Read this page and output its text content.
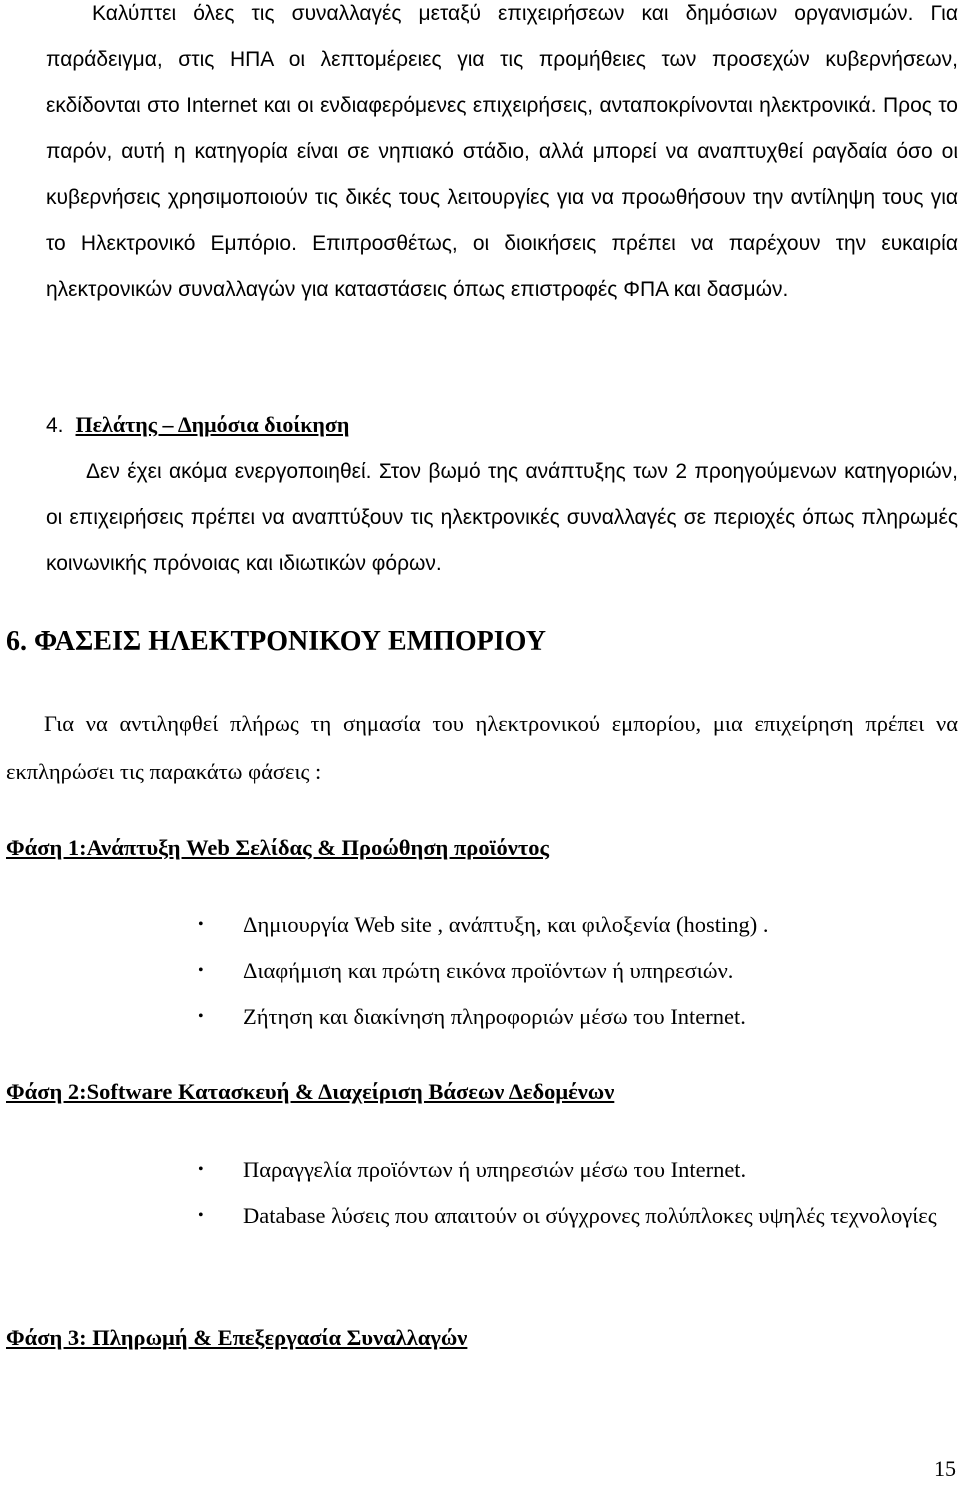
Καλύπτει όλες τις συναλλαγές μεταξύ επιχειρήσεων και δημόσιων οργανισμών. Για παράδειγμα, στις ΗΠΑ οι λεπτομέρειες για τις προμήθειες των προσεχών κυβερνήσεων, εκδίδονται στο Internet και οι ενδιαφερόμενες επιχειρήσεις, ανταποκρίνονται ηλεκτρονικά. Προς το παρόν, αυτή η κατηγορία είναι σε νηπιακό στάδιο, αλλά μπορεί να αναπτυχθεί ραγδαία όσο οι κυβερνήσεις χρησιμοποιούν τις δικές τους λειτουργίες για να προωθήσουν την αντίληψη τους για το Ηλεκτρονικό Εμπόριο. Επιπροσθέτως, οι διοικήσεις πρέπει να παρέχουν την ευκαιρία ηλεκτρονικών συναλλαγών για καταστάσεις όπως επιστροφές ΦΠΑ και δασμών.

4. Πελάτης – Δημόσια διοίκηση

Δεν έχει ακόμα ενεργοποιηθεί. Στον βωμό της ανάπτυξης των 2 προηγούμενων κατηγοριών, οι επιχειρήσεις πρέπει να αναπτύξουν τις ηλεκτρονικές συναλλαγές σε περιοχές όπως πληρωμές κοινωνικής πρόνοιας και ιδιωτικών φόρων.

6. ΦΑΣΕΙΣ ΗΛΕΚΤΡΟΝΙΚΟΥ ΕΜΠΟΡΙΟΥ

Για να αντιληφθεί πλήρως τη σημασία του ηλεκτρονικού εμπορίου, μια επιχείρηση πρέπει να εκπληρώσει τις παρακάτω φάσεις :

Φάση 1:Ανάπτυξη Web Σελίδας & Προώθηση προϊόντος
• Δημιουργία Web site , ανάπτυξη, και φιλοξενία (hosting) .
• Διαφήμιση και πρώτη εικόνα προϊόντων ή υπηρεσιών.
• Ζήτηση και διακίνηση πληροφοριών μέσω του Internet.
Φάση 2:Software Κατασκευή & Διαχείριση Βάσεων Δεδομένων
• Παραγγελία προϊόντων ή υπηρεσιών μέσω του Internet.
• Database λύσεις που απαιτούν οι σύγχρονες πολύπλοκες υψηλές τεχνολογίες
Φάση 3: Πληρωμή & Επεξεργασία Συναλλαγών

15
